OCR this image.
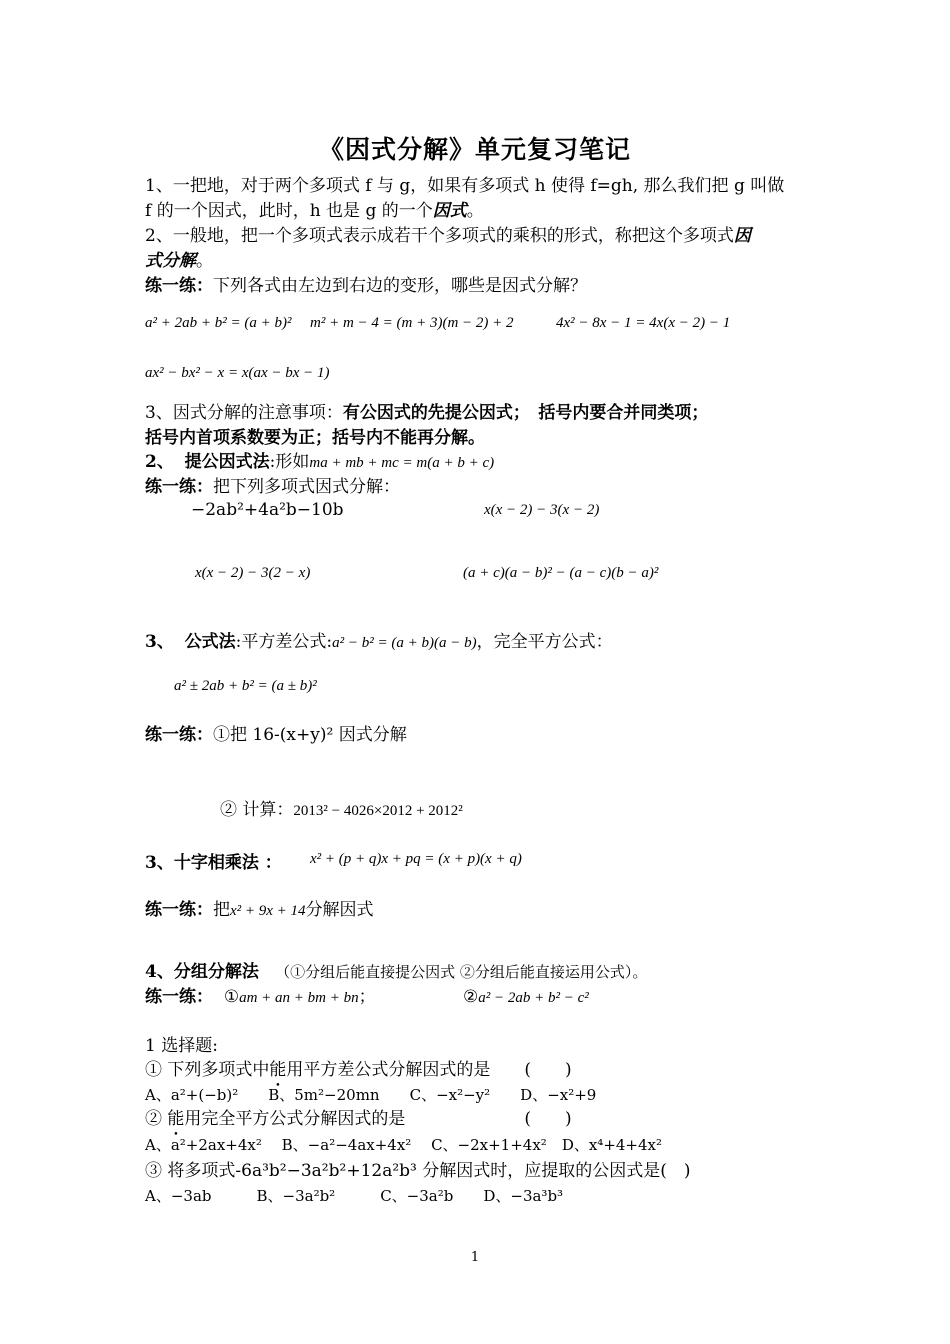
《因式分解》单元复习笔记
1、一把地，对于两个多项式 f 与 g，如果有多项式 h 使得 f=gh, 那么我们把 g 叫做
f 的一个因式，此时，h 也是 g 的一个因式。
2、一般地，把一个多项式表示成若干个多项式的乘积的形式，称把这个多项式因
式分解。
练一练：下列各式由左边到右边的变形，哪些是因式分解？
a² + 2ab + b² = (a + b)² m² + m − 4 = (m + 3)(m − 2) + 2	4x² − 8x − 1 = 4x(x − 2) − 1
ax² − bx² − x = x(ax − bx − 1)
3、因式分解的注意事项：有公因式的先提公因式；　括号内要合并同类项；
括号内首项系数要为正；括号内不能再分解。
2、 提公因式法:形如ma + mb + mc = m(a + b + c)
练一练：把下列多项式因式分解：
−2ab²+4a²b−10b	x(x − 2) − 3(x − 2)
x(x − 2) − 3(2 − x)	(a + c)(a − b)² − (a − c)(b − a)²
3、 公式法:平方差公式:a² − b² = (a + b)(a − b)，完全平方公式：
a² ± 2ab + b² = (a ± b)²
练一练：①把 16-(x+y)² 因式分解
② 计算：2013² − 4026×2012 + 2012²
3、十字相乘法 ： x² + (p + q)x + pq = (x + p)(x + q)
练一练：把x² + 9x + 14分解因式
4、分组分解法 （①分组后能直接提公因式 ②分组后能直接运用公式）。
练一练： ①am + an + bm + bn；	②a² − 2ab + b² − c²
1 选择题:
① 下列多项式中能用平方差公式分解因式的是　　(　　)
A、a²+(−b)²　　B、5m²−20mn　　C、−x²−y²　　D、−x²+9
② 能用完全平方公式分解因式的是　　　　　　　(　　)
A、a²+2ax+4x²　 B、−a²−4ax+4x²　 C、−2x+1+4x²　D、x⁴+4+4x²
③ 将多项式-6a³b²−3a²b²+12a²b³ 分解因式时，应提取的公因式是(　)
A、−3ab　　　B、−3a²b²　　　C、−3a²b　　D、−3a³b³
1
